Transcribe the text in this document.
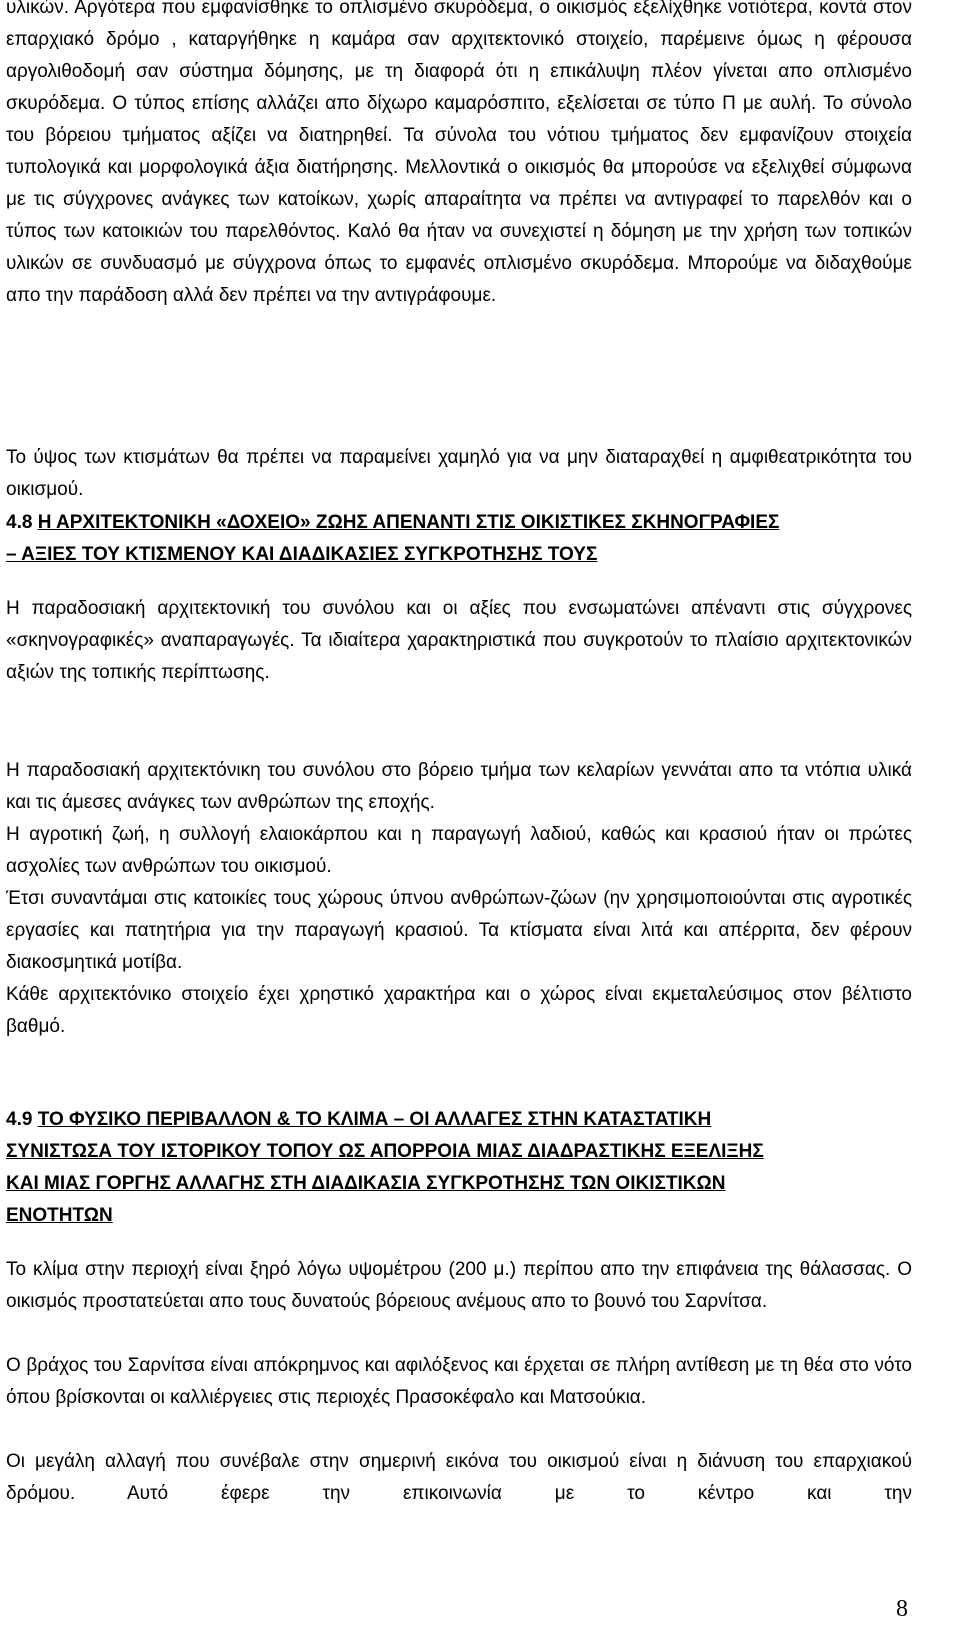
υλικών. Αργότερα που εμφανίσθηκε το οπλισμένο σκυρόδεμα, ο οικισμός εξελίχθηκε νοτιότερα, κοντά στον επαρχιακό δρόμο , καταργήθηκε η καμάρα σαν αρχιτεκτονικό στοιχείο, παρέμεινε όμως η φέρουσα αργολιθοδομή σαν σύστημα δόμησης, με τη διαφορά ότι η επικάλυψη πλέον γίνεται απο οπλισμένο σκυρόδεμα. Ο τύπος επίσης αλλάζει απο δίχωρο καμαρόσπιτο, εξελίσεται σε τύπο Π με αυλή. Το σύνολο του βόρειου τμήματος αξίζει να διατηρηθεί. Τα σύνολα του νότιου τμήματος δεν εμφανίζουν στοιχεία τυπολογικά και μορφολογικά άξια διατήρησης. Μελλοντικά ο οικισμός θα μπορούσε να εξελιχθεί σύμφωνα με τις σύγχρονες ανάγκες των κατοίκων, χωρίς απαραίτητα να πρέπει να αντιγραφεί το παρελθόν και ο τύπος των κατοικιών του παρελθόντος. Καλό θα ήταν να συνεχιστεί η δόμηση με την χρήση των τοπικών υλικών σε συνδυασμό με σύγχρονα όπως το εμφανές οπλισμένο σκυρόδεμα. Μπορούμε να διδαχθούμε απο την παράδοση αλλά δεν πρέπει να την αντιγράφουμε.

Το ύψος των κτισμάτων θα πρέπει να παραμείνει χαμηλό για να μην διαταραχθεί η αμφιθεατρικότητα του οικισμού.

4.8 Η ΑΡΧΙΤΕΚΤΟΝΙΚΗ «ΔΟΧΕΙΟ» ΖΩΗΣ ΑΠΕΝΑΝΤΙ ΣΤΙΣ ΟΙΚΙΣΤΙΚΕΣ ΣΚΗΝΟΓΡΑΦΙΕΣ
– ΑΞΙΕΣ ΤΟΥ ΚΤΙΣΜΕΝΟΥ ΚΑΙ ΔΙΑΔΙΚΑΣΙΕΣ ΣΥΓΚΡΟΤΗΣΗΣ ΤΟΥΣ

Η παραδοσιακή αρχιτεκτονική του συνόλου και οι αξίες που ενσωματώνει απέναντι στις σύγχρονες «σκηνογραφικές» αναπαραγωγές. Τα ιδιαίτερα χαρακτηριστικά που συγκροτούν το πλαίσιο αρχιτεκτονικών αξιών της τοπικής περίπτωσης.

Η παραδοσιακή αρχιτεκτόνικη του συνόλου στο βόρειο τμήμα των κελαρίων γεννάται απο τα ντόπια υλικά και τις άμεσες ανάγκες των ανθρώπων της εποχής.

Η αγροτική ζωή, η συλλογή ελαιοκάρπου και η παραγωγή λαδιού, καθώς και κρασιού ήταν οι πρώτες ασχολίες των ανθρώπων του οικισμού.

Έτσι συναντάμαι στις κατοικίες τους χώρους ύπνου ανθρώπων-ζώων (ην χρησιμοποιούνται στις αγροτικές εργασίες και πατητήρια για την παραγωγή κρασιού. Τα κτίσματα είναι λιτά και απέρριτα, δεν φέρουν διακοσμητικά μοτίβα.

Κάθε αρχιτεκτόνικο στοιχείο έχει χρηστικό χαρακτήρα και ο χώρος είναι εκμεταλεύσιμος στον βέλτιστο βαθμό.

4.9 ΤΟ ΦΥΣΙΚΟ ΠΕΡΙΒΑΛΛΟΝ & ΤΟ ΚΛΙΜΑ – ΟΙ ΑΛΛΑΓΕΣ ΣΤΗΝ ΚΑΤΑΣΤΑΤΙΚΗ
ΣΥΝΙΣΤΩΣΑ ΤΟΥ ΙΣΤΟΡΙΚΟΥ ΤΟΠΟΥ ΩΣ ΑΠΟΡΡΟΙΑ ΜΙΑΣ ΔΙΑΔΡΑΣΤΙΚΗΣ ΕΞΕΛΙΞΗΣ
ΚΑΙ ΜΙΑΣ ΓΟΡΓΗΣ ΑΛΛΑΓΗΣ ΣΤΗ ΔΙΑΔΙΚΑΣΙΑ ΣΥΓΚΡΟΤΗΣΗΣ ΤΩΝ ΟΙΚΙΣΤΙΚΩΝ
ΕΝΟΤΗΤΩΝ

Το κλίμα στην περιοχή είναι ξηρό λόγω υψομέτρου (200 μ.) περίπου απο την επιφάνεια της θάλασσας. Ο οικισμός προστατεύεται απο τους δυνατούς βόρειους ανέμους απο το βουνό του Σαρνίτσα.

Ο βράχος του Σαρνίτσα είναι απόκρημνος και αφιλόξενος και έρχεται σε πλήρη αντίθεση με τη θέα στο νότο όπου βρίσκονται οι καλλιέργειες στις περιοχές Πρασοκέφαλο και Ματσούκια.

Οι μεγάλη αλλαγή που συνέβαλε στην σημερινή εικόνα του οικισμού είναι η διάνυση του επαρχιακού δρόμου. Αυτό έφερε την επικοινωνία με το κέντρο και την

8
